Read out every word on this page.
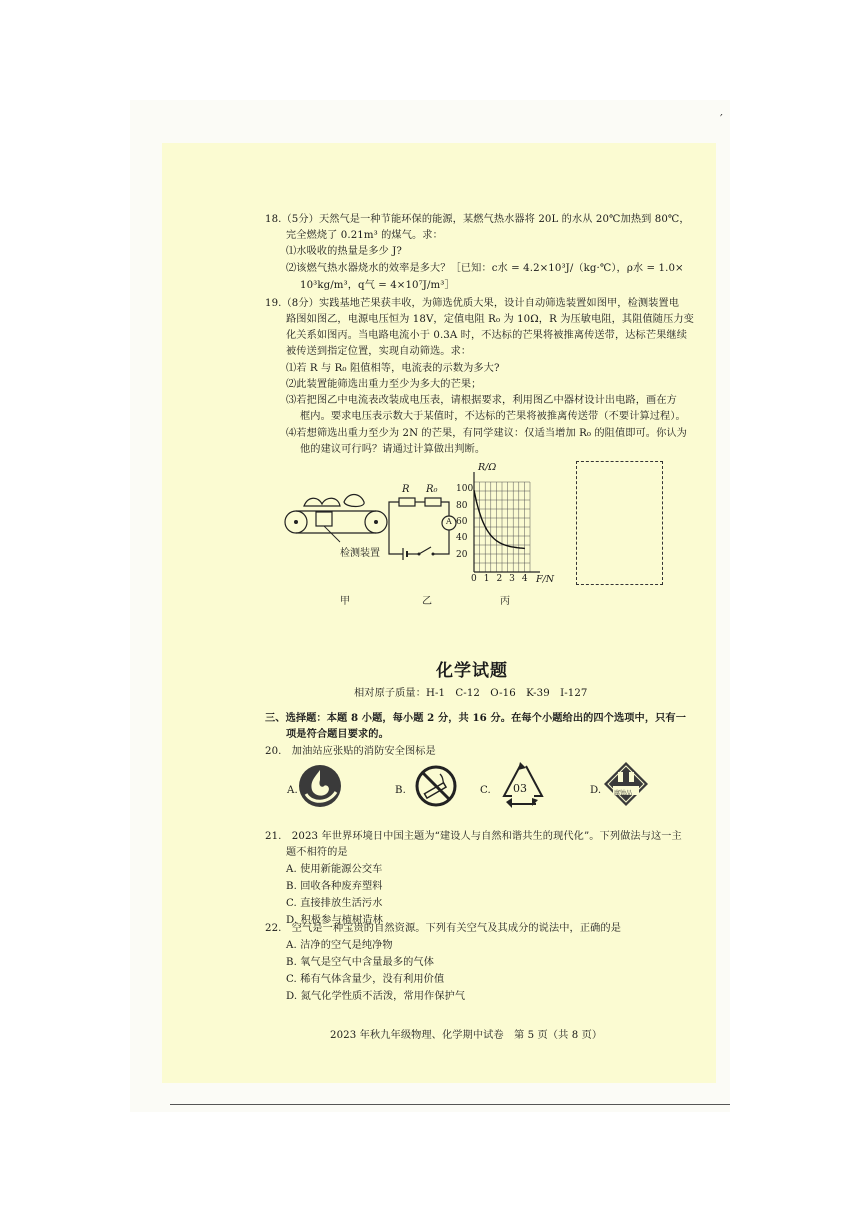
′
18.（5分）天然气是一种节能环保的能源，某燃气热水器将 20L 的水从 20℃加热到 80℃，
完全燃烧了 0.21m³ 的煤气。求：
⑴水吸收的热量是多少 J?
⑵该燃气热水器烧水的效率是多大？［已知：c水 = 4.2×10³J/（kg·℃），ρ水 = 1.0×
10³kg/m³，q气 = 4×10⁷J/m³］
19.（8分）实践基地芒果获丰收，为筛选优质大果，设计自动筛选装置如图甲，检测装置电
路图如图乙，电源电压恒为 18V，定值电阻 R₀ 为 10Ω，R 为压敏电阻，其阻值随压力变
化关系如图丙。当电路电流小于 0.3A 时，不达标的芒果将被推离传送带，达标芒果继续
被传送到指定位置，实现自动筛选。求：
⑴若 R 与 R₀ 阻值相等，电流表的示数为多大?
⑵此装置能筛选出重力至少为多大的芒果；
⑶若把图乙中电流表改装成电压表，请根据要求，利用图乙中器材设计出电路，画在方
框内。要求电压表示数大于某值时，不达标的芒果将被推离传送带（不要计算过程）。
⑷若想筛选出重力至少为 2N 的芒果，有同学建议：仅适当增加 R₀ 的阻值即可。你认为
他的建议可行吗？请通过计算做出判断。
检测装置
R R₀
A
R/Ω
F/N
100
80
60
40
20
0 1 2 3 4
甲	乙	丙
化学试题
相对原子质量：H-1　C-12　O-16　K-39　I-127
三、选择题：本题 8 小题，每小题 2 分，共 16 分。在每个小题给出的四个选项中，只有一
项是符合题目要求的。
20.　加油站应张贴的消防安全图标是
A.	B.	C. 03	D. 腐蚀品
21.　2023 年世界环境日中国主题为“建设人与自然和谐共生的现代化”。下列做法与这一主
题不相符的是
A. 使用新能源公交车
B. 回收各种废弃塑料
C. 直接排放生活污水
D. 积极参与植树造林
22.　空气是一种宝贵的自然资源。下列有关空气及其成分的说法中，正确的是
A. 洁净的空气是纯净物
B. 氧气是空气中含量最多的气体
C. 稀有气体含量少，没有利用价值
D. 氮气化学性质不活泼，常用作保护气
2023 年秋九年级物理、化学期中试卷　第 5 页（共 8 页）
